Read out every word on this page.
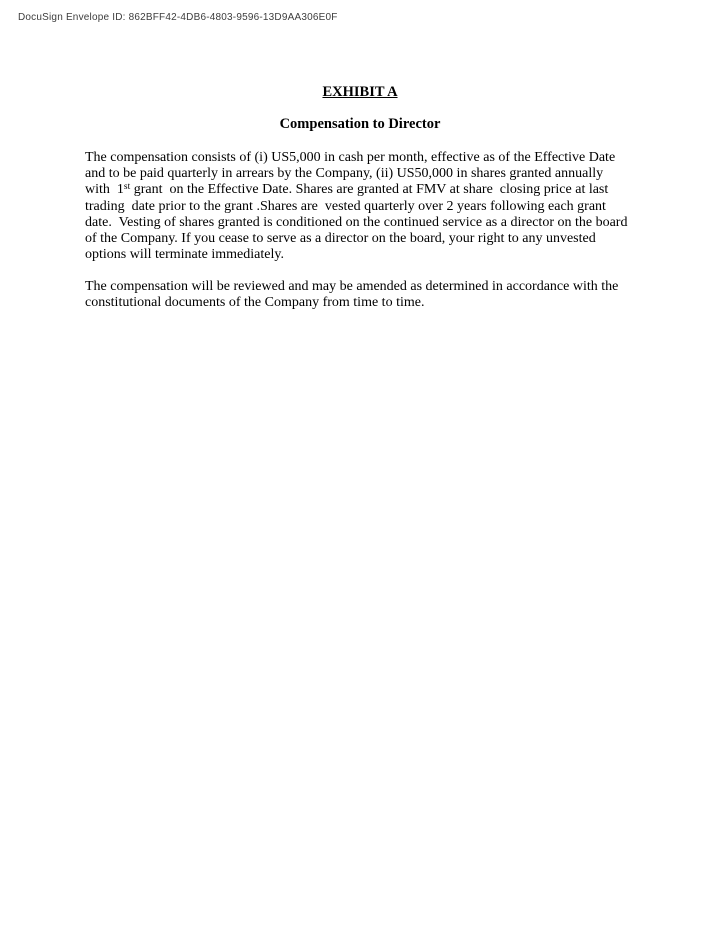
DocuSign Envelope ID: 862BFF42-4DB6-4803-9596-13D9AA306E0F
EXHIBIT A
Compensation to Director
The compensation consists of (i) US5,000 in cash per month, effective as of the Effective Date
and to be paid quarterly in arrears by the Company, (ii) US50,000 in shares granted annually
with  1st grant  on the Effective Date. Shares are granted at FMV at share  closing price at last
trading  date prior to the grant .Shares are  vested quarterly over 2 years following each grant
date.  Vesting of shares granted is conditioned on the continued service as a director on the board
of the Company. If you cease to serve as a director on the board, your right to any unvested
options will terminate immediately.
The compensation will be reviewed and may be amended as determined in accordance with the
constitutional documents of the Company from time to time.
